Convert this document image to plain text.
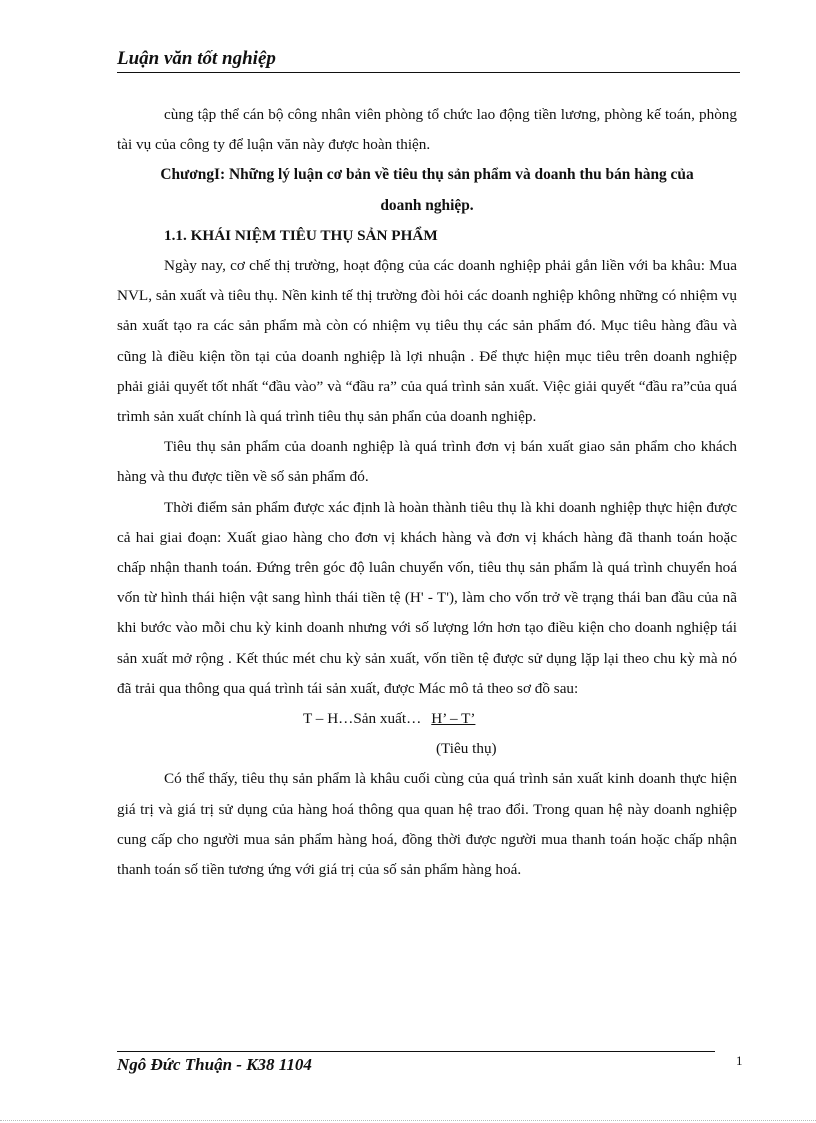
Luận văn tốt nghiệp

cùng tập thể cán bộ công nhân viên phòng tổ chức lao động tiền lương, phòng kế toán, phòng tài vụ của công ty để luận văn này được hoàn thiện.

ChươngI: Những lý luận cơ bản về tiêu thụ sản phẩm và doanh thu bán hàng của

doanh nghiệp.

1.1. KHÁI NIỆM TIÊU THỤ SẢN PHẨM

Ngày nay, cơ chế thị trường, hoạt động của các doanh nghiệp phải gắn liền với ba khâu: Mua NVL, sản xuất và tiêu thụ. Nền kinh tế thị trường đòi hỏi các doanh nghiệp không những có nhiệm vụ sản xuất tạo ra các sản phẩm mà còn có nhiệm vụ tiêu thụ các sản phẩm đó. Mục tiêu hàng đầu và cũng là điều kiện tồn tại của doanh nghiệp là lợi nhuận . Để thực hiện mục tiêu trên doanh nghiệp phải giải quyết tốt nhất “đầu vào” và “đầu ra” của quá trình sản xuất. Việc giải quyết “đầu ra”của quá trìmh sản xuất chính là quá trình tiêu thụ sản phẩn của doanh nghiệp.

Tiêu thụ sản phẩm của doanh nghiệp là quá trình đơn vị bán xuất giao sản phẩm cho khách hàng và thu được tiền về số sản phẩm đó.

Thời điểm sản phẩm được xác định là hoàn thành tiêu thụ là khi doanh nghiệp thực hiện được cả hai giai đoạn: Xuất giao hàng cho đơn vị khách hàng và đơn vị khách hàng đã thanh toán hoặc chấp nhận thanh toán. Đứng trên góc độ luân chuyển vốn, tiêu thụ sản phẩm là quá trình chuyển hoá vốn từ hình thái hiện vật sang hình thái tiền tệ (H' - T'), làm cho vốn trở về trạng thái ban đầu của nã khi bước vào mỗi chu kỳ kinh doanh nhưng với số lượng lớn hơn tạo điều kiện cho doanh nghiệp tái sản xuất mở rộng . Kết thúc mét chu kỳ sản xuất, vốn tiền tệ được sử dụng lặp lại theo chu kỳ mà nó đã trải qua thông qua quá trình tái sản xuất, được Mác mô tả theo sơ đồ sau:

T – H…Sản xuất… H’ – T’

(Tiêu thụ)

Có thể thấy, tiêu thụ sản phẩm là khâu cuối cùng của quá trình sản xuất kinh doanh thực hiện giá trị và giá trị sử dụng của hàng hoá thông qua quan hệ trao đổi. Trong quan hệ này doanh nghiệp cung cấp cho người mua sản phẩm hàng hoá, đồng thời được người mua thanh toán hoặc chấp nhận thanh toán số tiền tương ứng với giá trị của số sản phẩm hàng hoá.

Ngô Đức Thuận - K38 1104	1
